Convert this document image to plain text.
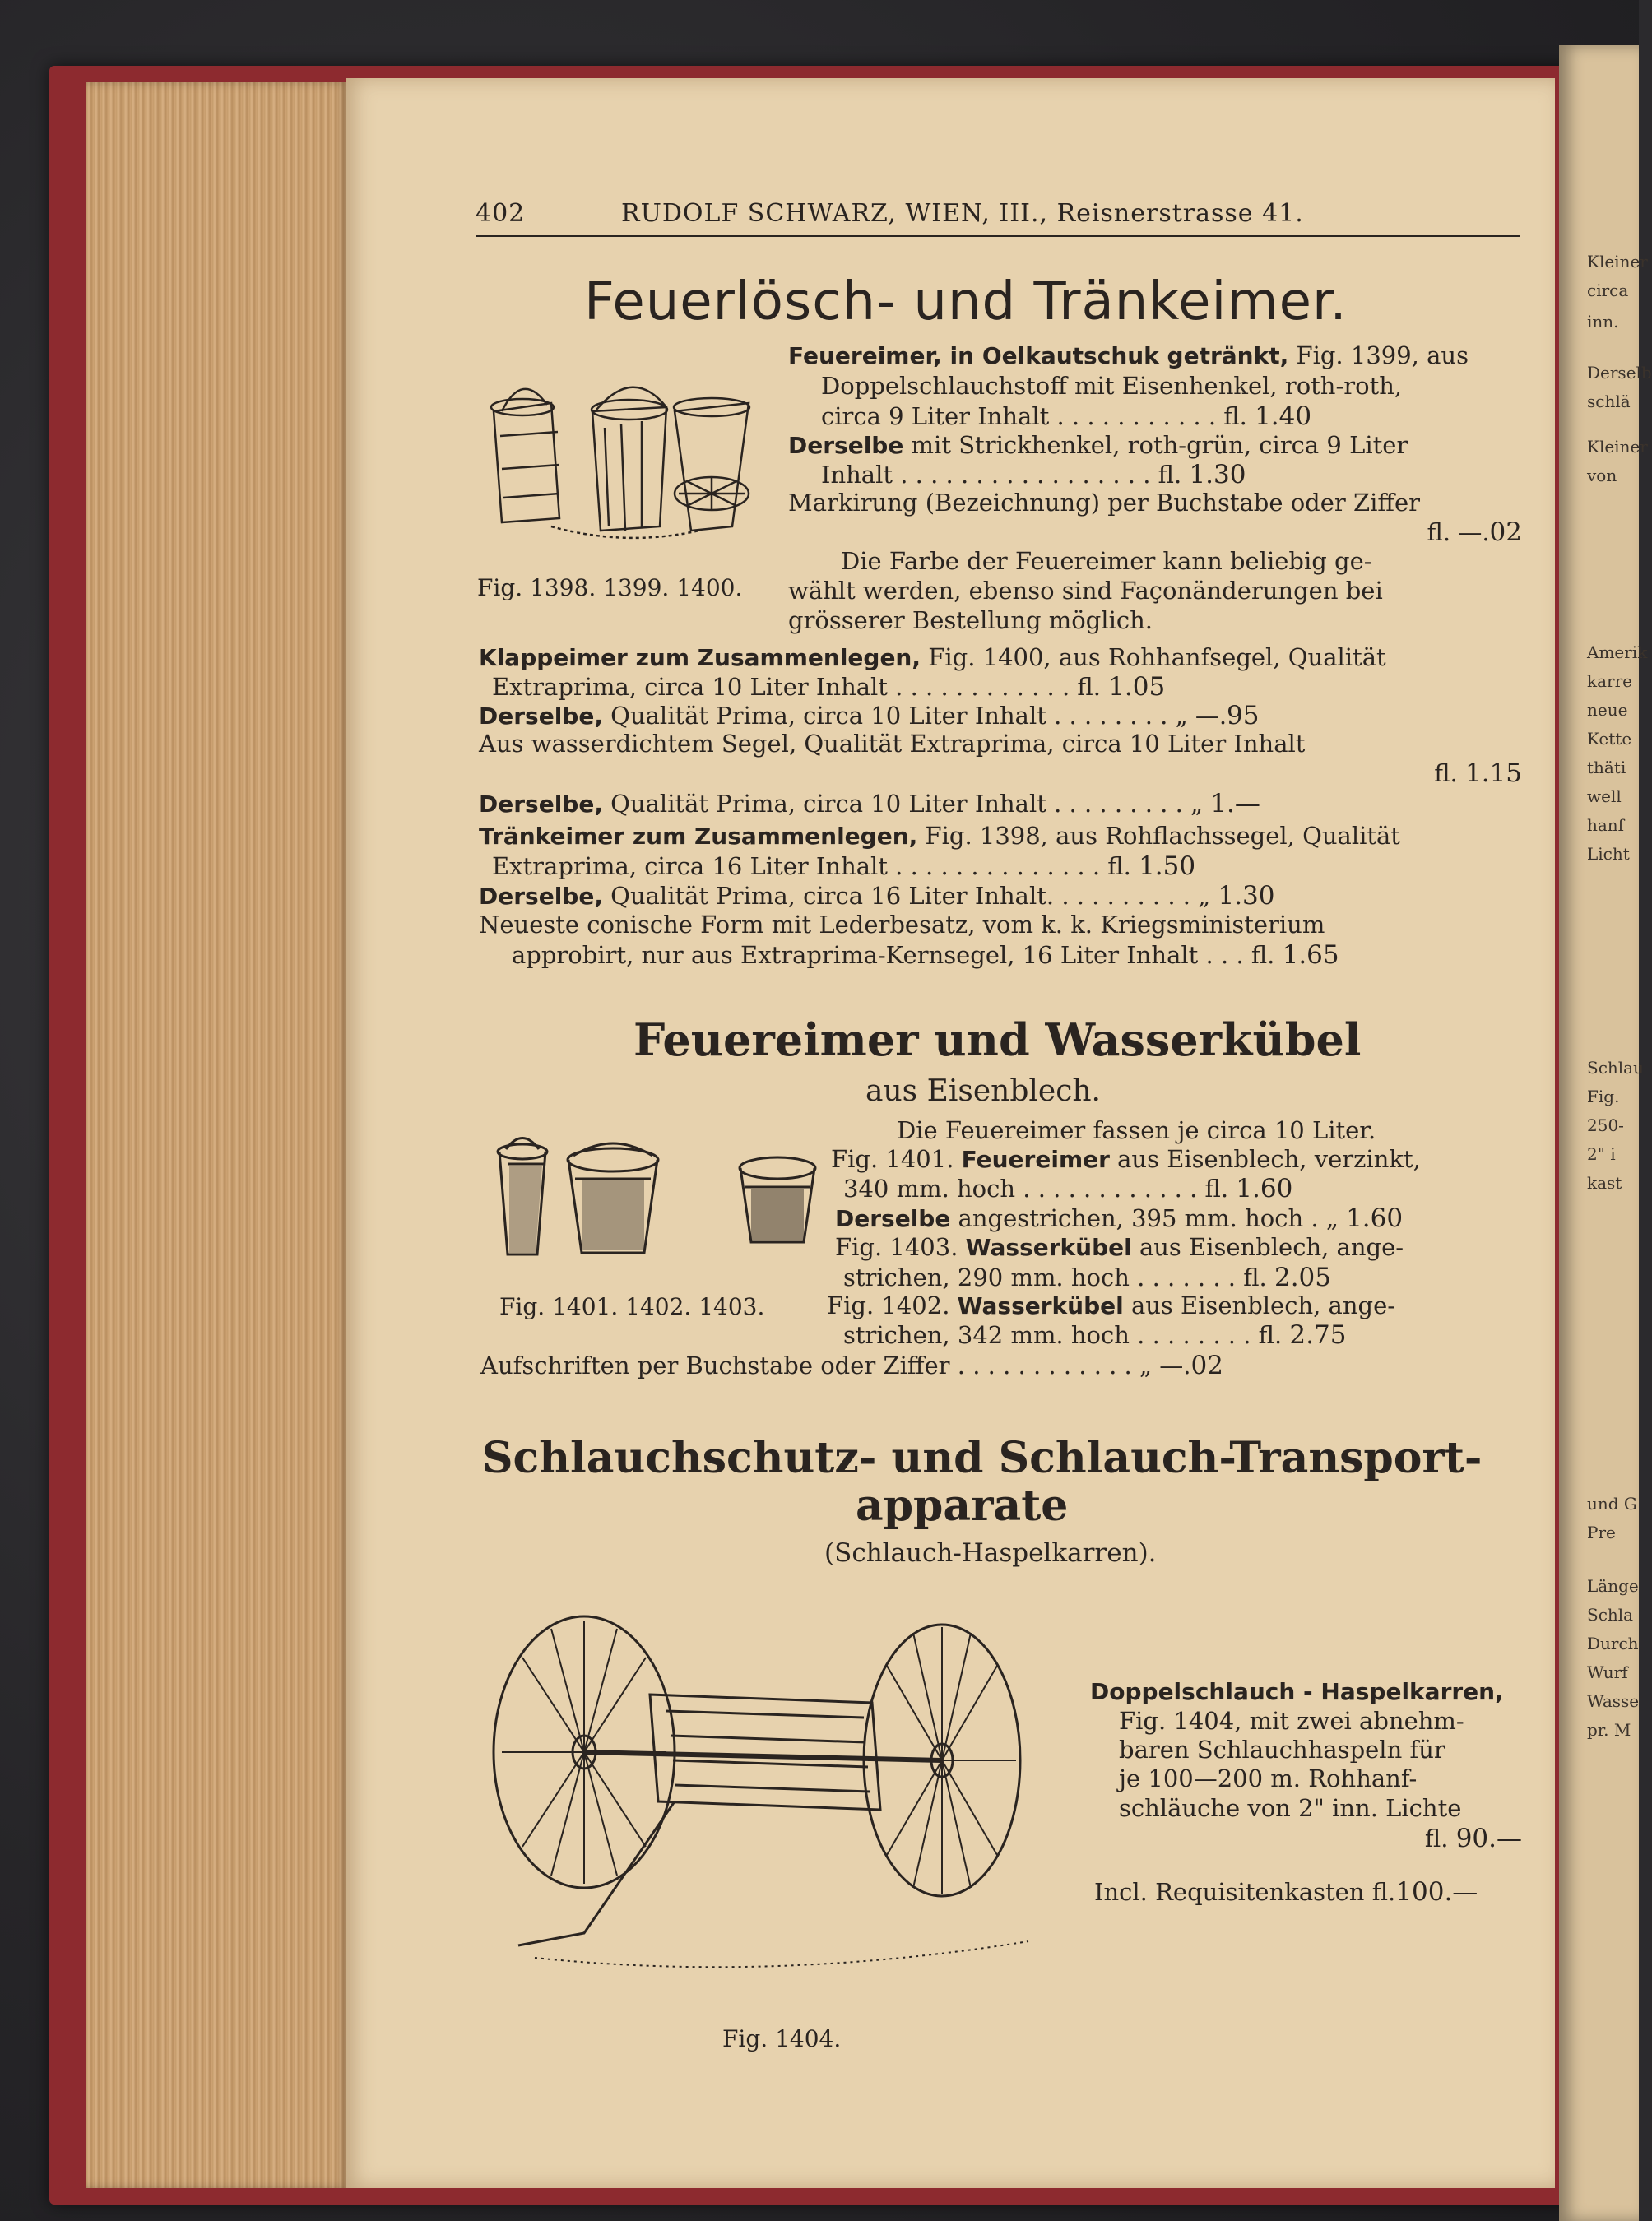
Kleiner
circa
inn.
Derselb
schlä
Kleiner
von
Amerik
karre
neue
Kette
thäti
well
hanf
Licht
Schlau
Fig.
250-
2" i
kast
und G
Pre
Länge
Schla
Durch
Wurf
Wasse
pr. M
402	RUDOLF SCHWARZ, WIEN, III., Reisnerstrasse 41.
Feuerlösch- und Tränkeimer.
Fig. 1398. 1399. 1400.
Feuereimer, in Oelkautschuk getränkt, Fig. 1399, aus
Doppelschlauchstoff mit Eisenhenkel, roth-roth,
circa 9 Liter Inhalt . . . . . . . . . . . fl. 1.40
Derselbe mit Strickhenkel, roth-grün, circa 9 Liter
Inhalt . . . . . . . . . . . . . . . . . fl. 1.30
Markirung (Bezeichnung) per Buchstabe oder Ziffer
fl. —.02
Die Farbe der Feuereimer kann beliebig ge-
wählt werden, ebenso sind Façonänderungen bei
grösserer Bestellung möglich.
Klappeimer zum Zusammenlegen, Fig. 1400, aus Rohhanfsegel, Qualität
Extraprima, circa 10 Liter Inhalt . . . . . . . . . . . . fl. 1.05
Derselbe, Qualität Prima, circa 10 Liter Inhalt . . . . . . . . „ —.95
Aus wasserdichtem Segel, Qualität Extraprima, circa 10 Liter Inhalt
fl. 1.15
Derselbe, Qualität Prima, circa 10 Liter Inhalt . . . . . . . . . „ 1.—
Tränkeimer zum Zusammenlegen, Fig. 1398, aus Rohflachssegel, Qualität
Extraprima, circa 16 Liter Inhalt . . . . . . . . . . . . . . fl. 1.50
Derselbe, Qualität Prima, circa 16 Liter Inhalt. . . . . . . . . . „ 1.30
Neueste conische Form mit Lederbesatz, vom k. k. Kriegsministerium
approbirt, nur aus Extraprima-Kernsegel, 16 Liter Inhalt . . . fl. 1.65
Feuereimer und Wasserkübel
aus Eisenblech.
Fig. 1401. 1402. 1403.
Die Feuereimer fassen je circa 10 Liter.
Fig. 1401. Feuereimer aus Eisenblech, verzinkt,
340 mm. hoch . . . . . . . . . . . . fl. 1.60
Derselbe angestrichen, 395 mm. hoch . „ 1.60
Fig. 1403. Wasserkübel aus Eisenblech, ange-
strichen, 290 mm. hoch . . . . . . . fl. 2.05
Fig. 1402. Wasserkübel aus Eisenblech, ange-
strichen, 342 mm. hoch . . . . . . . . fl. 2.75
Aufschriften per Buchstabe oder Ziffer . . . . . . . . . . . . „ —.02
Schlauchschutz- und Schlauch-Transport-
apparate
(Schlauch-Haspelkarren).
Fig. 1404.
Doppelschlauch - Haspelkarren,
Fig. 1404, mit zwei abnehm-
baren Schlauchhaspeln für
je 100—200 m. Rohhanf-
schläuche von 2" inn. Lichte
fl. 90.—
Incl. Requisitenkasten fl.100.—
